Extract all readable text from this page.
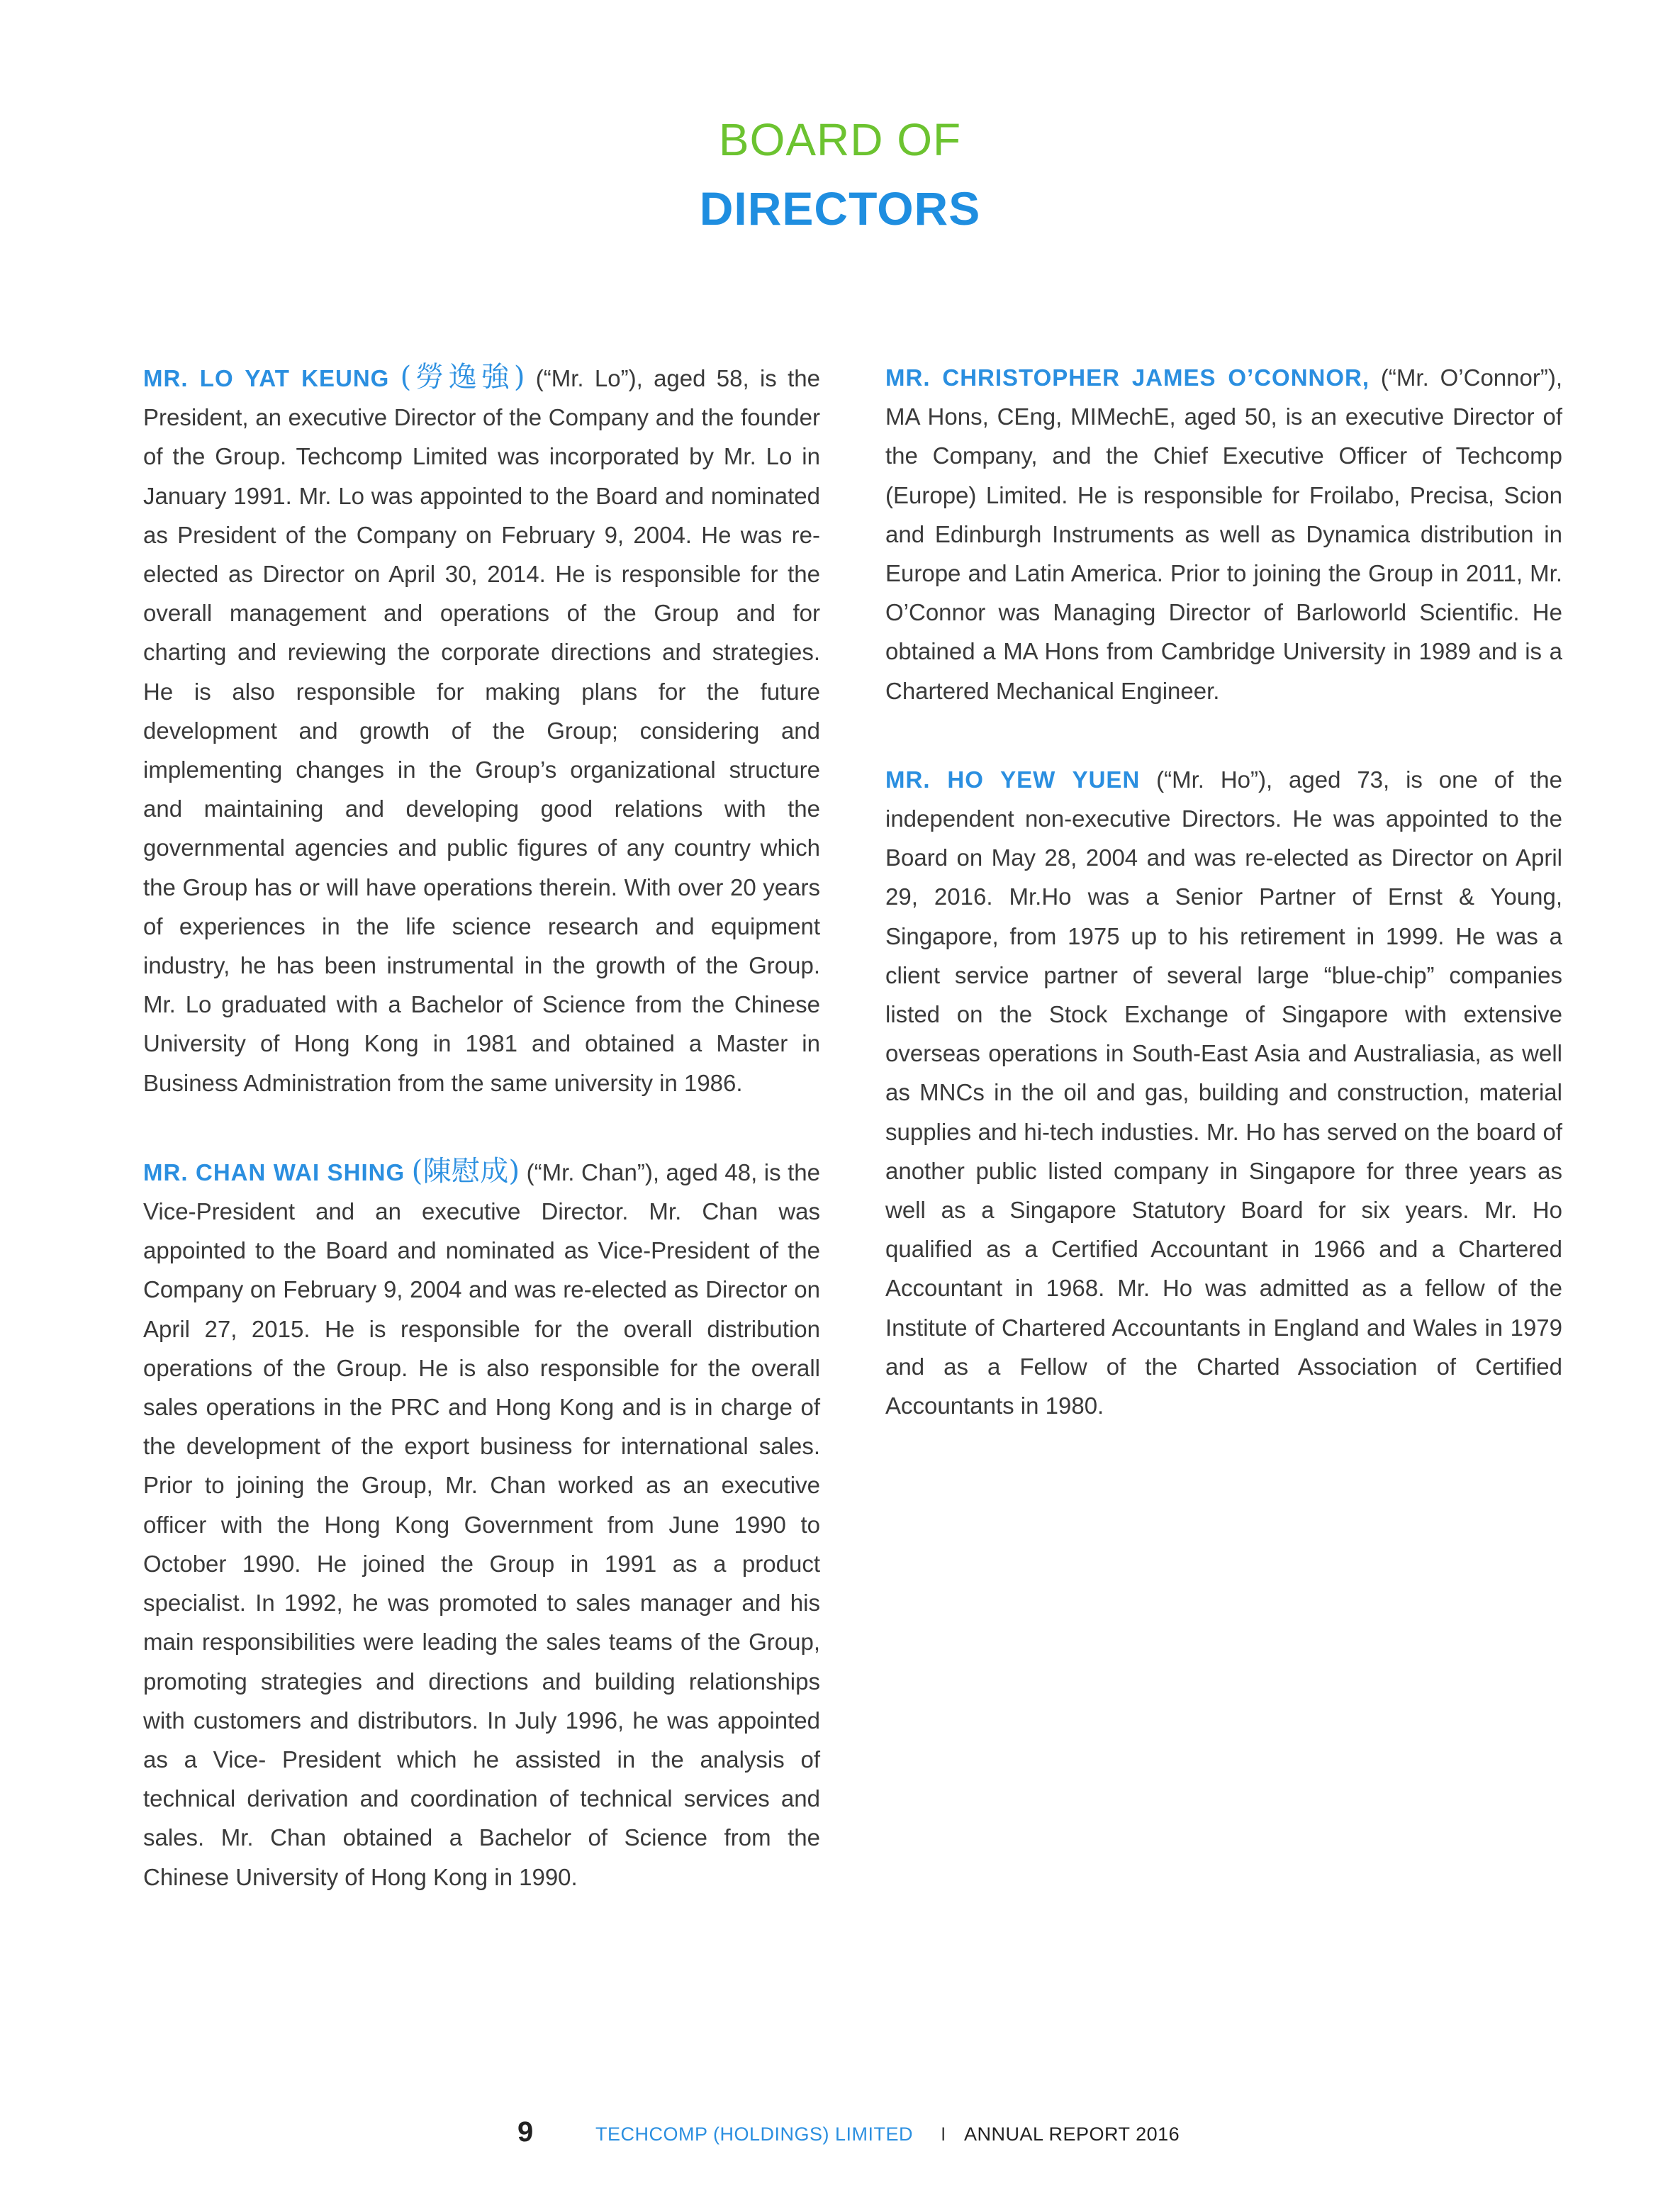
BOARD OF
DIRECTORS

MR. LO YAT KEUNG (勞逸強) (“Mr. Lo”), aged 58, is the President, an executive Director of the Company and the founder of the Group. Techcomp Limited was incorporated by Mr. Lo in January 1991. Mr. Lo was appointed to the Board and nominated as President of the Company on February 9, 2004. He was re-elected as Director on April 30, 2014. He is responsible for the overall management and operations of the Group and for charting and reviewing the corporate directions and strategies. He is also responsible for making plans for the future development and growth of the Group; considering and implementing changes in the Group’s organizational structure and maintaining and developing good relations with the governmental agencies and public figures of any country which the Group has or will have operations therein. With over 20 years of experiences in the life science research and equipment industry, he has been instrumental in the growth of the Group. Mr. Lo graduated with a Bachelor of Science from the Chinese University of Hong Kong in 1981 and obtained a Master in Business Administration from the same university in 1986.

MR. CHAN WAI SHING (陳慰成) (“Mr. Chan”), aged 48, is the Vice-President and an executive Director. Mr. Chan was appointed to the Board and nominated as Vice-President of the Company on February 9, 2004 and was re-elected as Director on April 27, 2015. He is responsible for the overall distribution operations of the Group. He is also responsible for the overall sales operations in the PRC and Hong Kong and is in charge of the development of the export business for international sales. Prior to joining the Group, Mr. Chan worked as an executive officer with the Hong Kong Government from June 1990 to October 1990. He joined the Group in 1991 as a product specialist. In 1992, he was promoted to sales manager and his main responsibilities were leading the sales teams of the Group, promoting strategies and directions and building relationships with customers and distributors. In July 1996, he was appointed as a Vice- President which he assisted in the analysis of technical derivation and coordination of technical services and sales. Mr. Chan obtained a Bachelor of Science from the Chinese University of Hong Kong in 1990.

MR. CHRISTOPHER JAMES O’CONNOR, (“Mr. O’Connor”), MA Hons, CEng, MIMechE, aged 50, is an executive Director of the Company, and the Chief Executive Officer of Techcomp (Europe) Limited. He is responsible for Froilabo, Precisa, Scion and Edinburgh Instruments as well as Dynamica distribution in Europe and Latin America. Prior to joining the Group in 2011, Mr. O’Connor was Managing Director of Barloworld Scientific. He obtained a MA Hons from Cambridge University in 1989 and is a Chartered Mechanical Engineer.

MR. HO YEW YUEN (“Mr. Ho”), aged 73, is one of the independent non-executive Directors. He was appointed to the Board on May 28, 2004 and was re-elected as Director on April 29, 2016. Mr.Ho was a Senior Partner of Ernst & Young, Singapore, from 1975 up to his retirement in 1999. He was a client service partner of several large “blue-chip” companies listed on the Stock Exchange of Singapore with extensive overseas operations in South-East Asia and Australiasia, as well as MNCs in the oil and gas, building and construction, material supplies and hi-tech industies. Mr. Ho has served on the board of another public listed company in Singapore for three years as well as a Singapore Statutory Board for six years. Mr. Ho qualified as a Certified Accountant in 1966 and a Chartered Accountant in 1968. Mr. Ho was admitted as a fellow of the Institute of Chartered Accountants in England and Wales in 1979 and as a Fellow of the Charted Association of Certified Accountants in 1980.

9	TECHCOMP (HOLDINGS) LIMITED I ANNUAL REPORT 2016
